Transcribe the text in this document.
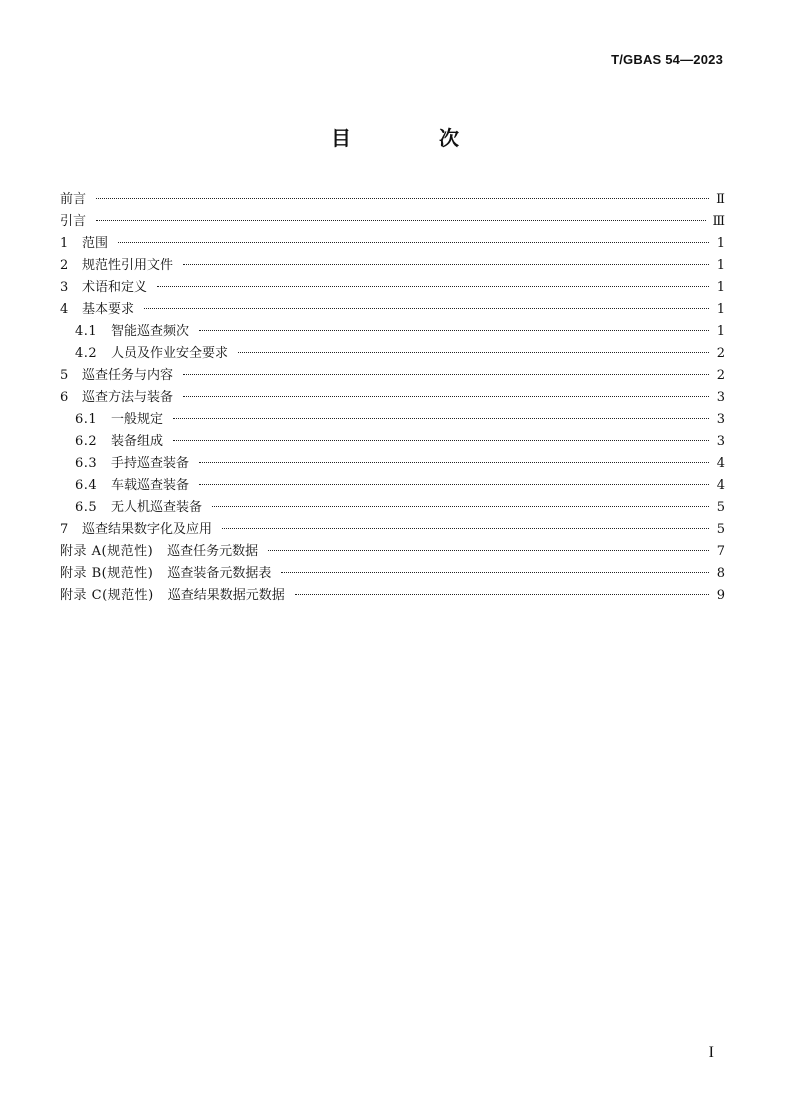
T/GBAS 54—2023
目　次
前言	Ⅱ
引言	Ⅲ
1	范围	1
2	规范性引用文件	1
3	术语和定义	1
4	基本要求	1
4.1	智能巡查频次	1
4.2	人员及作业安全要求	2
5	巡查任务与内容	2
6	巡查方法与装备	3
6.1	一般规定	3
6.2	装备组成	3
6.3	手持巡查装备	4
6.4	车载巡查装备	4
6.5	无人机巡查装备	5
7	巡查结果数字化及应用	5
附录 A(规范性) 巡查任务元数据	7
附录 B(规范性) 巡查装备元数据表	8
附录 C(规范性) 巡查结果数据元数据	9
I
